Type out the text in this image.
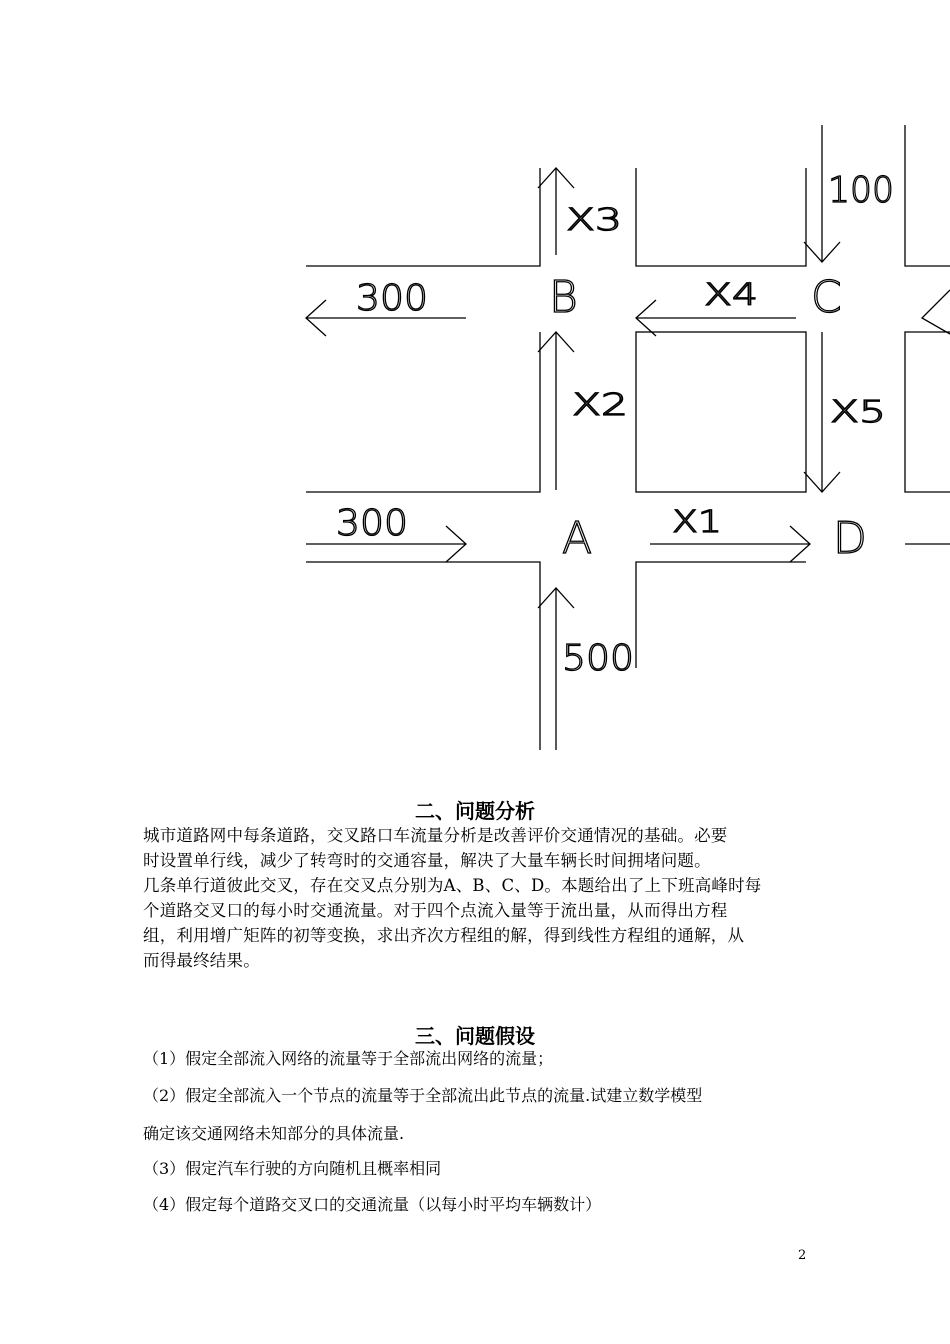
B	C
A	D
X3
X2
X4
X5
X1
300
300
500
100
二、问题分析

城市道路网中每条道路，交叉路口车流量分析是改善评价交通情况的基础。必要

时设置单行线，减少了转弯时的交通容量，解决了大量车辆长时间拥堵问题。

几条单行道彼此交叉，存在交叉点分别为A、B、C、D。本题给出了上下班高峰时每

个道路交叉口的每小时交通流量。对于四个点流入量等于流出量，从而得出方程

组，利用增广矩阵的初等变换，求出齐次方程组的解，得到线性方程组的通解，从

而得最终结果。

三、问题假设

（1）假定全部流入网络的流量等于全部流出网络的流量；

（2）假定全部流入一个节点的流量等于全部流出此节点的流量.试建立数学模型

确定该交通网络未知部分的具体流量.

（3）假定汽车行驶的方向随机且概率相同

（4）假定每个道路交叉口的交通流量（以每小时平均车辆数计）

2
